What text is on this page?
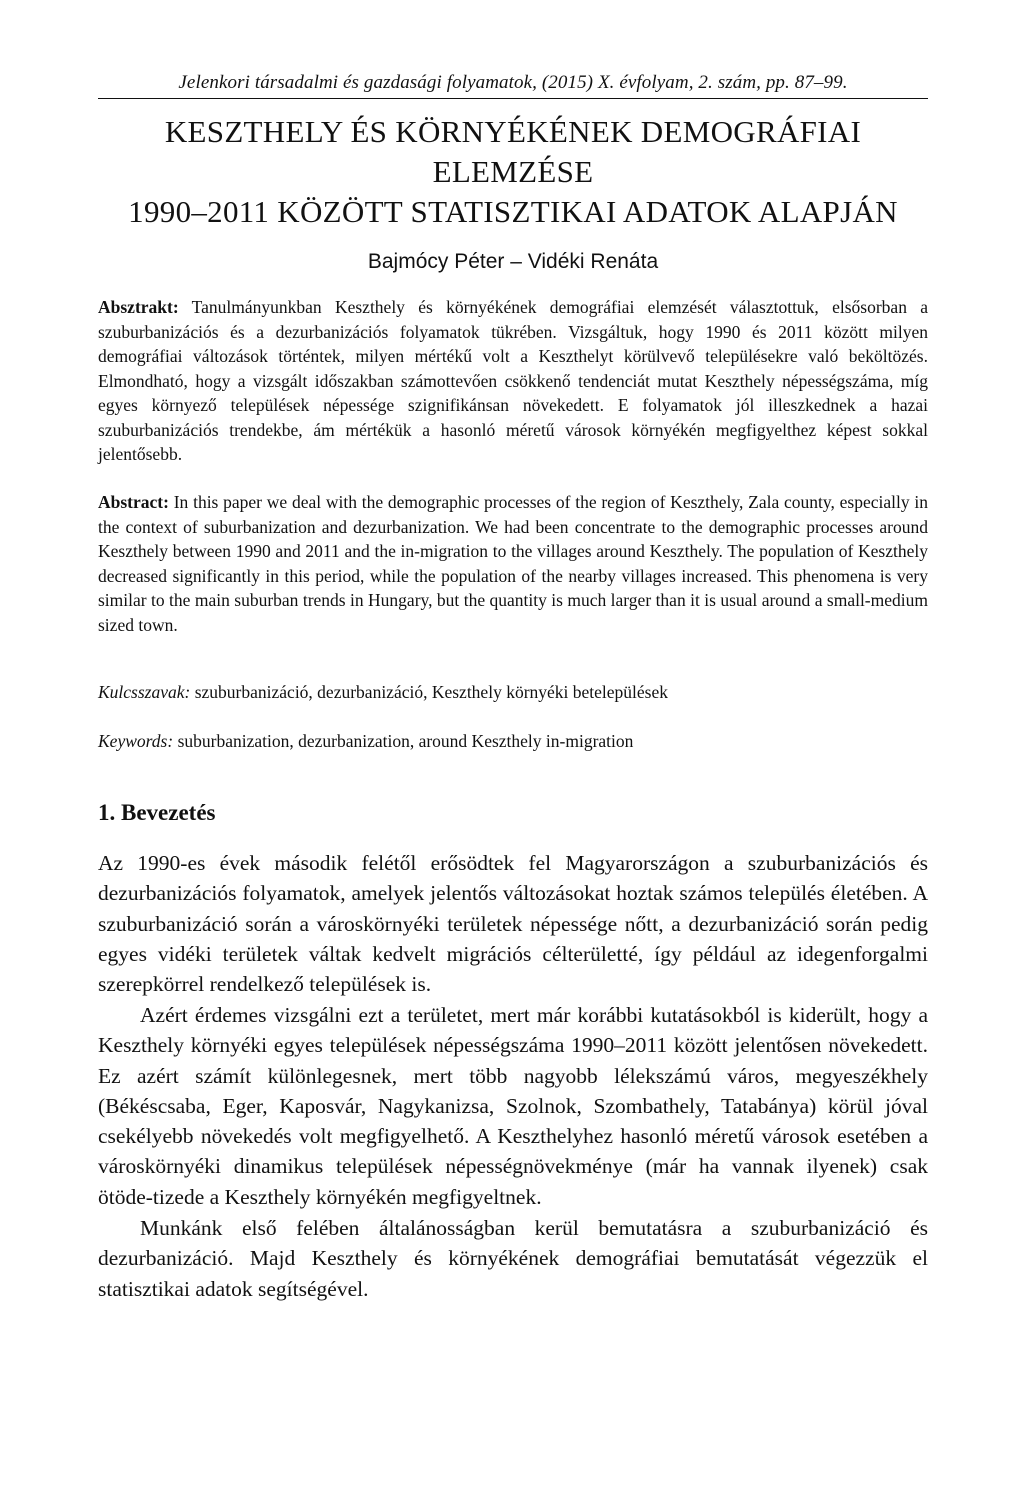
Jelenkori társadalmi és gazdasági folyamatok, (2015) X. évfolyam, 2. szám, pp. 87–99.
KESZTHELY ÉS KÖRNYÉKÉNEK DEMOGRÁFIAI
ELEMZÉSE
1990–2011 KÖZÖTT STATISZTIKAI ADATOK ALAPJÁN
Bajmócy Péter – Vidéki Renáta

Absztrakt: Tanulmányunkban Keszthely és környékének demográfiai elemzését választottuk, elsősorban a szuburbanizációs és a dezurbanizációs folyamatok tükrében. Vizsgáltuk, hogy 1990 és 2011 között milyen demográfiai változások történtek, milyen mértékű volt a Keszthelyt körülvevő településekre való beköltözés. Elmondható, hogy a vizsgált időszakban számottevően csökkenő tendenciát mutat Keszthely népességszáma, míg egyes környező települések népessége szignifikánsan növekedett. E folyamatok jól illeszkednek a hazai szuburbanizációs trendekbe, ám mértékük a hasonló méretű városok környékén megfigyelthez képest sokkal jelentősebb.

Abstract: In this paper we deal with the demographic processes of the region of Keszthely, Zala county, especially in the context of suburbanization and dezurbanization. We had been concentrate to the demographic processes around Keszthely between 1990 and 2011 and the in-migration to the villages around Keszthely. The population of Keszthely decreased significantly in this period, while the population of the nearby villages increased. This phenomena is very similar to the main suburban trends in Hungary, but the quantity is much larger than it is usual around a small-medium sized town.

Kulcsszavak: szuburbanizáció, dezurbanizáció, Keszthely környéki betelepülések

Keywords: suburbanization, dezurbanization, around Keszthely in-migration

1. Bevezetés

Az 1990-es évek második felétől erősödtek fel Magyarországon a szuburbanizációs és dezurbanizációs folyamatok, amelyek jelentős változásokat hoztak számos település életében. A szuburbanizáció során a városkörnyéki területek népessége nőtt, a dezurbanizáció során pedig egyes vidéki területek váltak kedvelt migrációs célterületté, így például az idegenforgalmi szerepkörrel rendelkező települések is.

Azért érdemes vizsgálni ezt a területet, mert már korábbi kutatásokból is kiderült, hogy a Keszthely környéki egyes települések népességszáma 1990–2011 között jelentősen növekedett. Ez azért számít különlegesnek, mert több nagyobb lélekszámú város, megyeszékhely (Békéscsaba, Eger, Kaposvár, Nagykanizsa, Szolnok, Szombathely, Tatabánya) körül jóval csekélyebb növekedés volt megfigyelhető. A Keszthelyhez hasonló méretű városok esetében a városkörnyéki dinamikus települések népességnövekménye (már ha vannak ilyenek) csak ötöde-tizede a Keszthely környékén megfigyeltnek.

Munkánk első felében általánosságban kerül bemutatásra a szuburbanizáció és dezurbanizáció. Majd Keszthely és környékének demográfiai bemutatását végezzük el statisztikai adatok segítségével.
